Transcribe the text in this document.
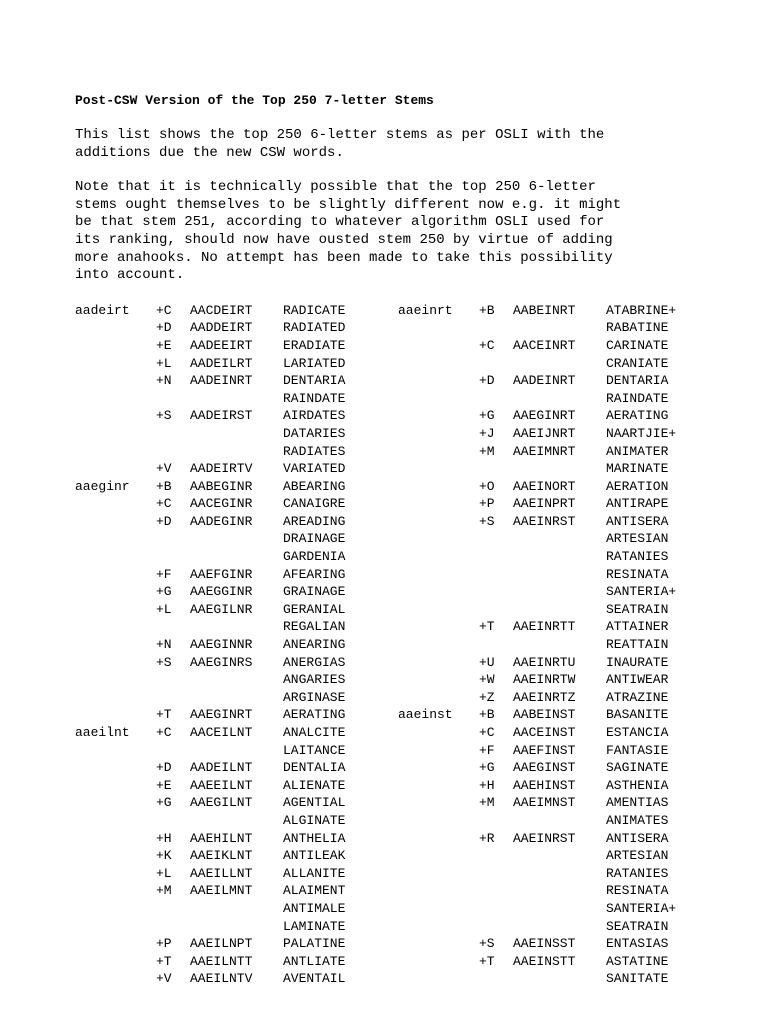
Post-CSW Version of the Top 250 7-letter Stems
This list shows the top 250 6-letter stems as per OSLI with the
additions due the new CSW words.
Note that it is technically possible that the top 250 6-letter
stems ought themselves to be slightly different now e.g. it might
be that stem 251, according to whatever algorithm OSLI used for
its ranking, should now have ousted stem 250 by virtue of adding
more anahooks. No attempt has been made to take this possibility
into account.
aadeirt +C AACDEIRT RADICATE
+D AADDEIRT RADIATED
+E AADEEIRT ERADIATE
+L AADEILRT LARIATED
+N AADEINRT DENTARIA
RAINDATE
+S AADEIRST AIRDATES
DATARIES
RADIATES
+V AADEIRTV VARIATED
aaeginr +B AABEGINR ABEARING
+C AACEGINR CANAIGRE
+D AADEGINR AREADING
DRAINAGE
GARDENIA
+F AAEFGINR AFEARING
+G AAEGGINR GRAINAGE
+L AAEGILNR GERANIAL
REGALIAN
+N AAEGINNR ANEARING
+S AAEGINRS ANERGIAS
ANGARIES
ARGINASE
+T AAEGINRT AERATING
aaeilnt +C AACEILNT ANALCITE
LAITANCE
+D AADEILNT DENTALIA
+E AAEEILNT ALIENATE
+G AAEGILNT AGENTIAL
ALGINATE
+H AAEHILNT ANTHELIA
+K AAEIKLNT ANTILEAK
+L AAEILLNT ALLANITE
+M AAEILMNT ALAIMENT
ANTIMALE
LAMINATE
+P AAEILNPT PALATINE
+T AAEILNTT ANTLIATE
+V AAEILNTV AVENTAIL
aaeinrt +B AABEINRT ATABRINE+
RABATINE
+C AACEINRT CARINATE
CRANIATE
+D AADEINRT DENTARIA
RAINDATE
+G AAEGINRT AERATING
+J AAEIJNRT NAARTJIE+
+M AAEIMNRT ANIMATER
MARINATE
+O AAEINORT AERATION
+P AAEINPRT ANTIRAPE
+S AAEINRST ANTISERA
ARTESIAN
RATANIES
RESINATA
SANTERIA+
SEATRAIN
+T AAEINRTT ATTAINER
REATTAIN
+U AAEINRTU INAURATE
+W AAEINRTW ANTIWEAR
+Z AAEINRTZ ATRAZINE
aaeinst +B AABEINST BASANITE
+C AACEINST ESTANCIA
+F AAEFINST FANTASIE
+G AAEGINST SAGINATE
+H AAEHINST ASTHENIA
+M AAEIMNST AMENTIAS
ANIMATES
+R AAEINRST ANTISERA
ARTESIAN
RATANIES
RESINATA
SANTERIA+
SEATRAIN
+S AAEINSST ENTASIAS
+T AAEINSTT ASTATINE
SANITATE
